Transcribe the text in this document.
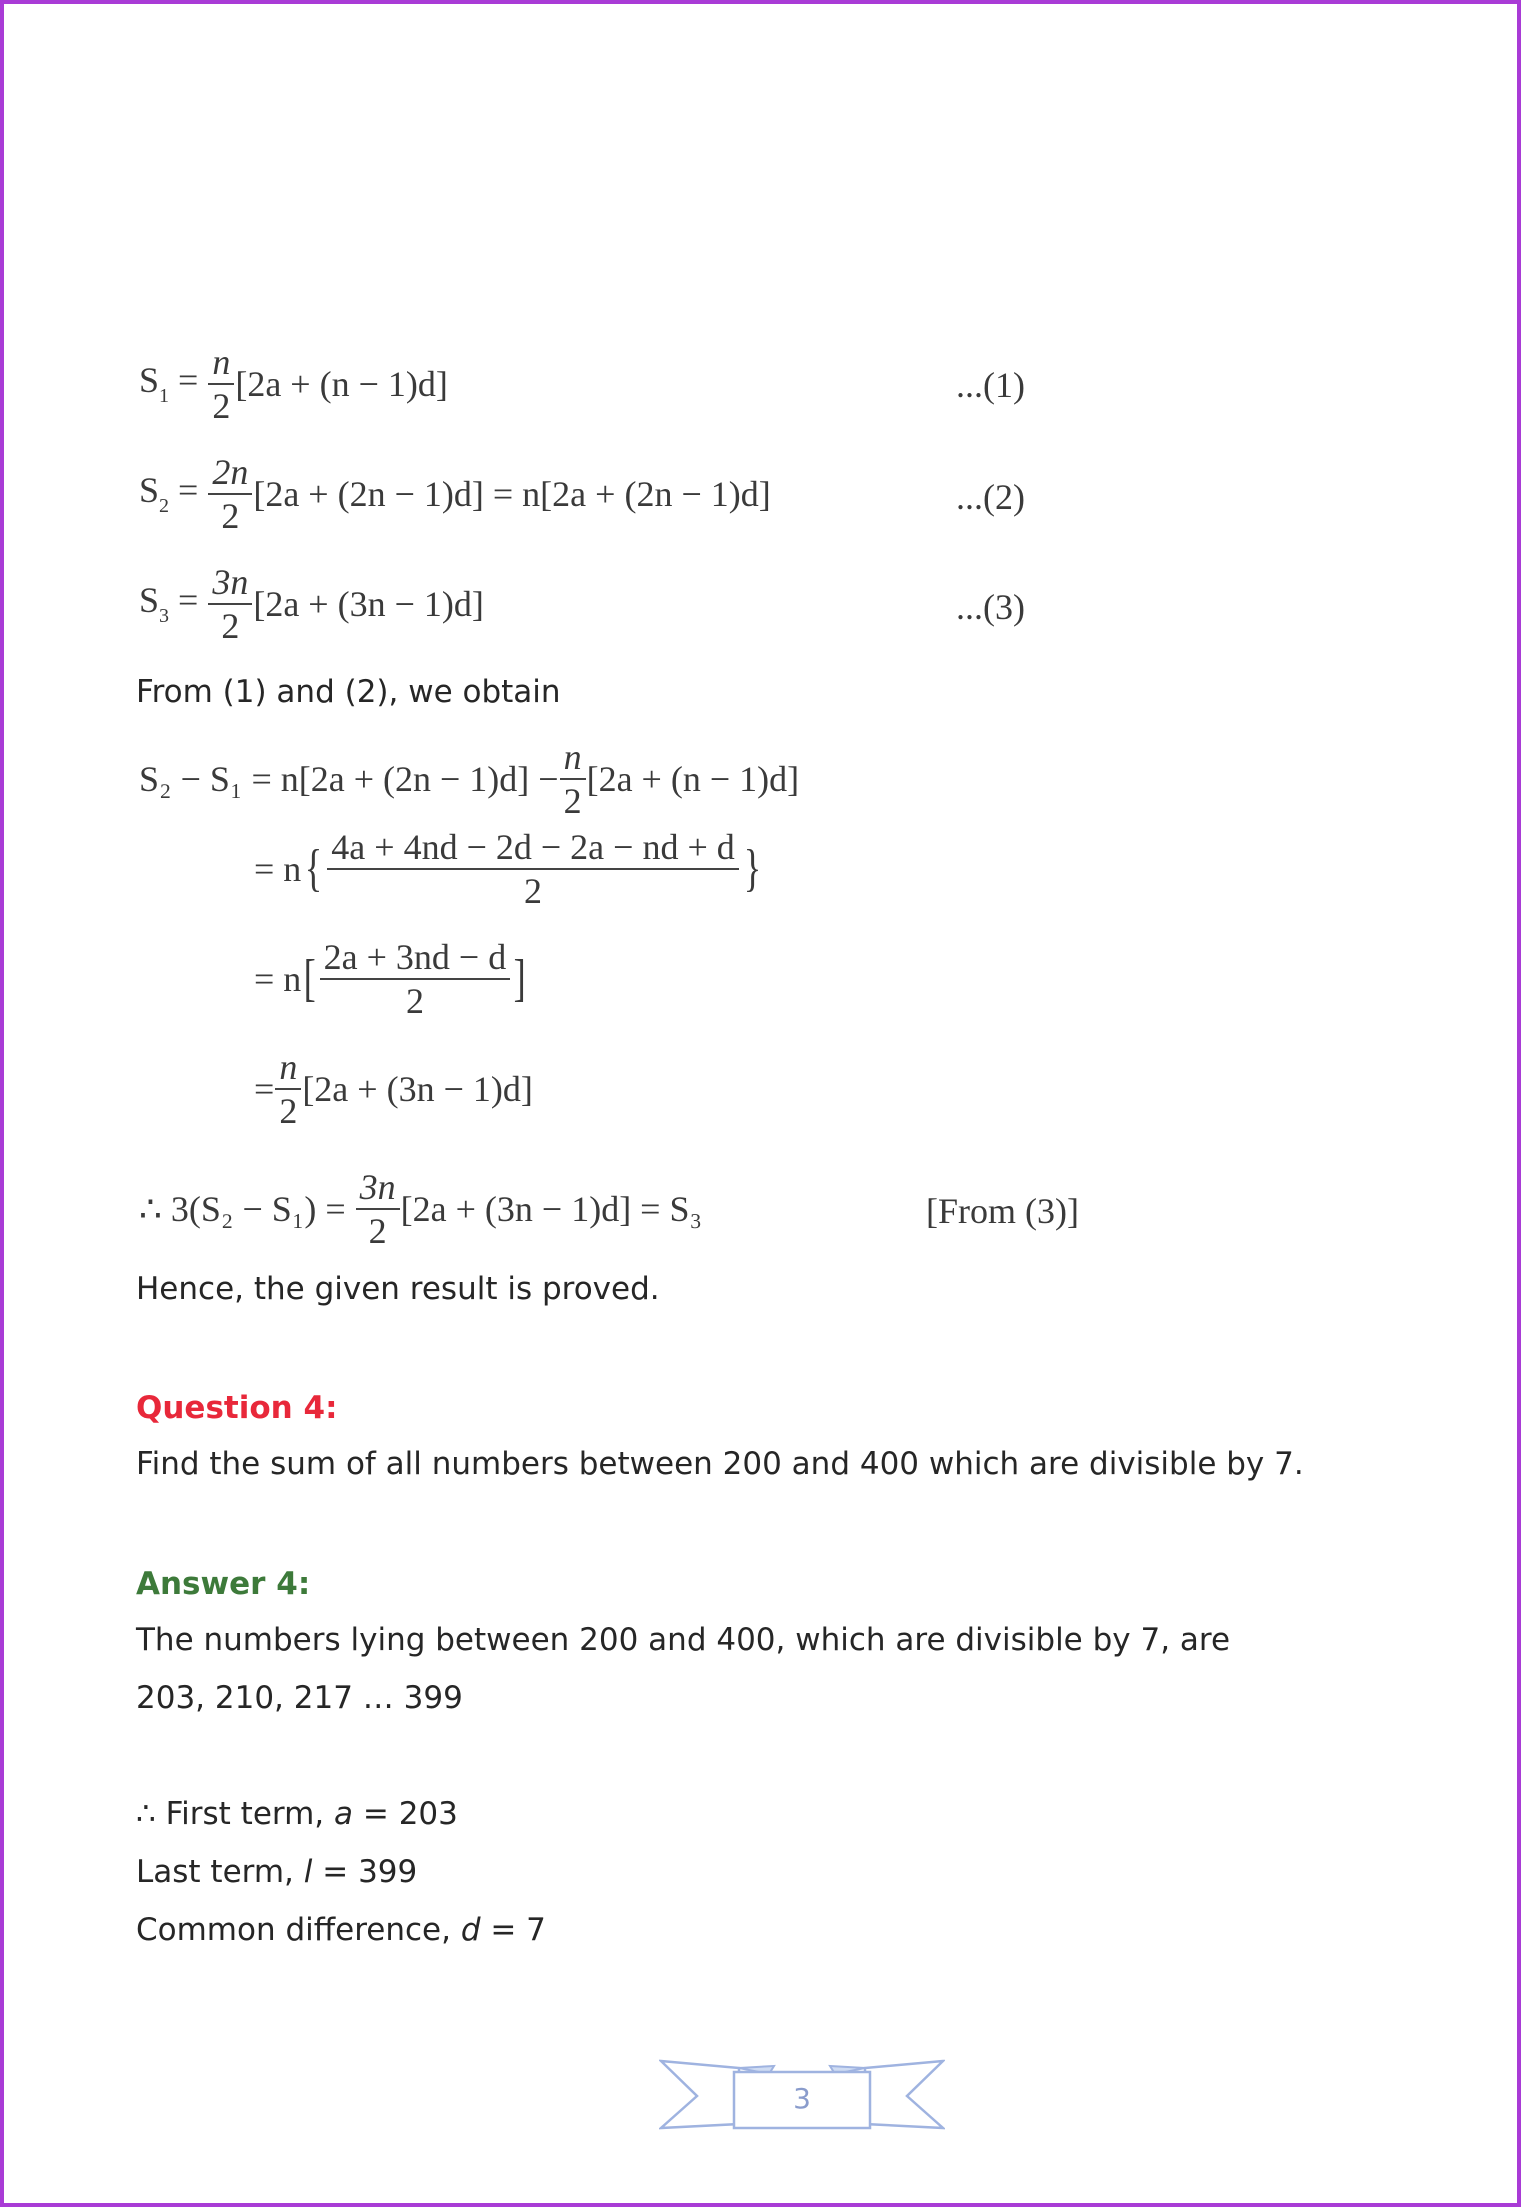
$S_1 = \frac{n}{2} [2a + (n - 1)d]$	...(1)
$S_2 = \frac{2n}{2} [2a + (2n - 1)d] = n[2a + (2n - 1)d]$	...(2)
$S_3 = \frac{3n}{2} [2a + (3n - 1)d]$	...(3)
From (1) and (2), we obtain
$S_2 - S_1 = n[2a + (2n - 1)d] - \frac{n}{2} [2a + (n - 1)d]$
= n { $\frac{4a + 4nd - 2d - 2a - nd + d}{2}$ }
= n [ $\frac{2a + 3nd - d}{2}$ ]
= $\frac{n}{2} [2a + (3n - 1)d]$
∴ 3(S₂ − S₁) =
$\frac{3n}{2} [2a + (3n - 1)d] = S_3$	[From (3)]
Hence, the given result is proved.
Question 4:
Find the sum of all numbers between 200 and 400 which are divisible by 7.
Answer 4:
The numbers lying between 200 and 400, which are divisible by 7, are
203, 210, 217 … 399
∴ First term, a = 203
Last term, l = 399
Common difference, d = 7
3
